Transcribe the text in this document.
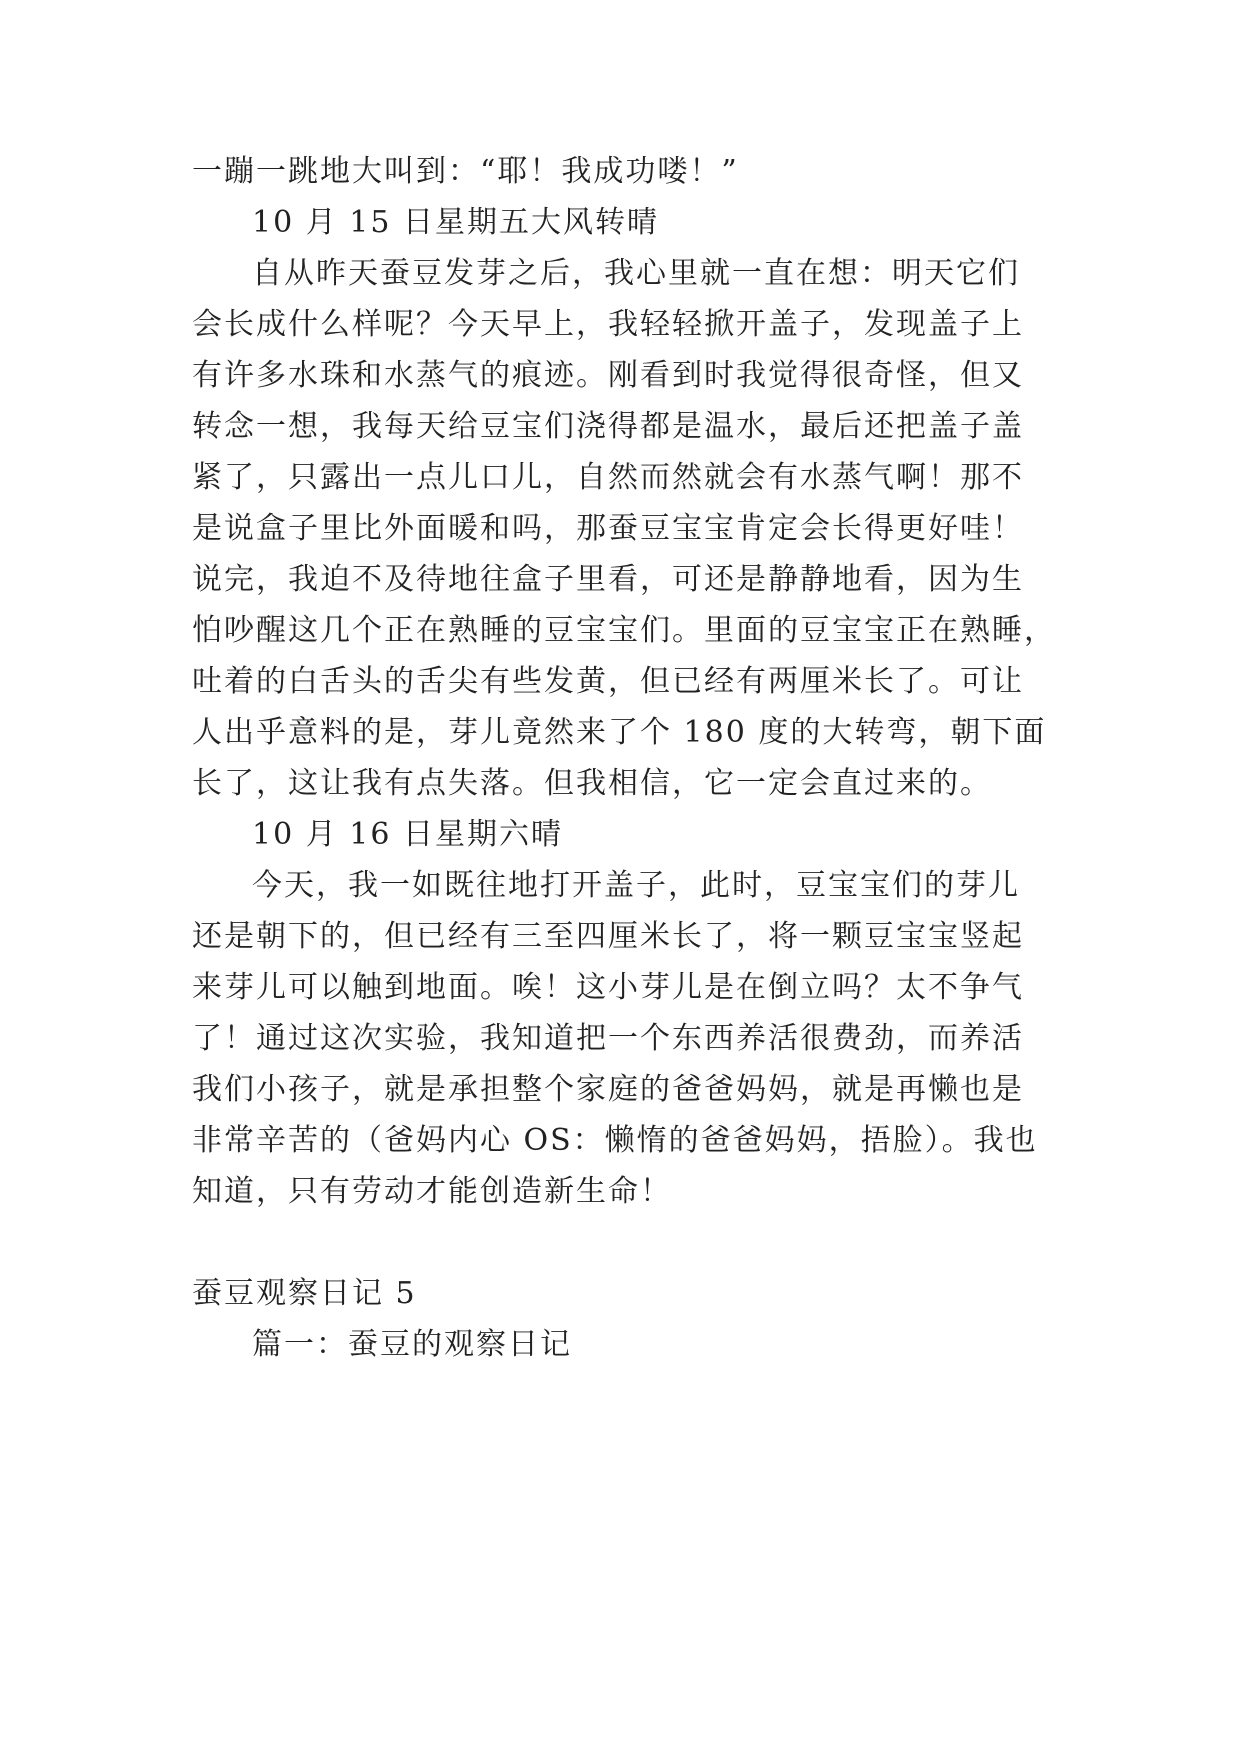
一蹦一跳地大叫到：“耶！我成功喽！”
10 月 15 日星期五大风转晴
自从昨天蚕豆发芽之后，我心里就一直在想：明天它们
会长成什么样呢？今天早上，我轻轻掀开盖子，发现盖子上
有许多水珠和水蒸气的痕迹。刚看到时我觉得很奇怪，但又
转念一想，我每天给豆宝们浇得都是温水，最后还把盖子盖
紧了，只露出一点儿口儿，自然而然就会有水蒸气啊！那不
是说盒子里比外面暖和吗，那蚕豆宝宝肯定会长得更好哇！
说完，我迫不及待地往盒子里看，可还是静静地看，因为生
怕吵醒这几个正在熟睡的豆宝宝们。里面的豆宝宝正在熟睡，
吐着的白舌头的舌尖有些发黄，但已经有两厘米长了。可让
人出乎意料的是，芽儿竟然来了个 180 度的大转弯，朝下面
长了，这让我有点失落。但我相信，它一定会直过来的。
10 月 16 日星期六晴
今天，我一如既往地打开盖子，此时，豆宝宝们的芽儿
还是朝下的，但已经有三至四厘米长了，将一颗豆宝宝竖起
来芽儿可以触到地面。唉！这小芽儿是在倒立吗？太不争气
了！通过这次实验，我知道把一个东西养活很费劲，而养活
我们小孩子，就是承担整个家庭的爸爸妈妈，就是再懒也是
非常辛苦的（爸妈内心 OS：懒惰的爸爸妈妈，捂脸）。我也
知道，只有劳动才能创造新生命！
蚕豆观察日记 5
篇一：蚕豆的观察日记
